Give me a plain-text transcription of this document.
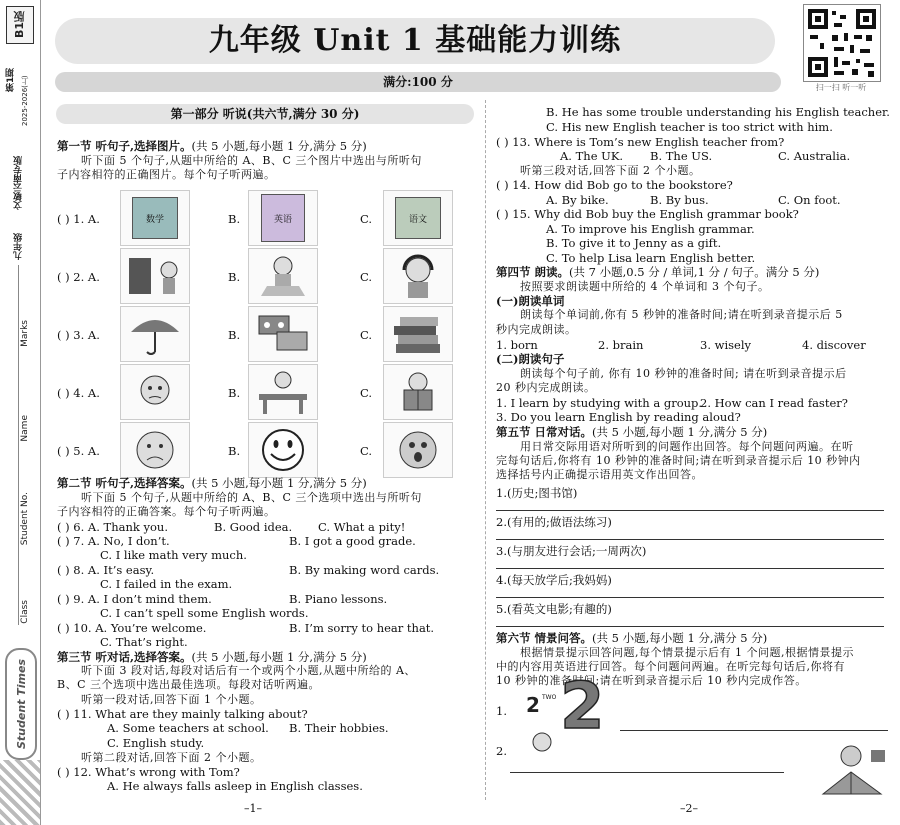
B1版
第1期 2025-2026(上)
文敏云南专版
九年级
Marks
Name
Student No.
Class
Student Times
九年级 Unit 1 基础能力训练
扫一扫 听一听
满分:100 分
第一部分 听说(共六节,满分 30 分)
第一节 听句子,选择图片。(共 5 小题,每小题 1 分,满分 5 分)
听下面 5 个句子,从题中所给的 A、B、C 三个图片中选出与所听句
子内容相符的正确图片。每个句子听两遍。
( ) 1. A.	数学	B.	英语	C.	语文
( ) 2. A.	B.	C.
( ) 3. A.	B.	C.
( ) 4. A.	B.	C.
( ) 5. A.	B.	C.
第二节 听句子,选择答案。(共 5 小题,每小题 1 分,满分 5 分)
听下面 5 个句子,从题中所给的 A、B、C 三个选项中选出与所听句
子内容相符的正确答案。每个句子听两遍。
( ) 6. A. Thank you.	B. Good idea. C. What a pity!
( ) 7. A. No, I don’t.	B. I got a good grade.
C. I like math very much.
( ) 8. A. It’s easy.	B. By making word cards.
C. I failed in the exam.
( ) 9. A. I don’t mind them.	B. Piano lessons.
C. I can’t spell some English words.
( ) 10. A. You’re welcome.	B. I’m sorry to hear that.
C. That’s right.
第三节 听对话,选择答案。(共 5 小题,每小题 1 分,满分 5 分)
听下面 3 段对话,每段对话后有一个或两个小题,从题中所给的 A、
B、C 三个选项中选出最佳选项。每段对话听两遍。
听第一段对话,回答下面 1 个小题。
( ) 11. What are they mainly talking about?
A. Some teachers at school. B. Their hobbies.
C. English study.
听第二段对话,回答下面 2 个小题。
( ) 12. What’s wrong with Tom?
A. He always falls asleep in English classes.
–1–
B. He has some trouble understanding his English teacher.
C. His new English teacher is too strict with him.
( ) 13. Where is Tom’s new English teacher from?
A. The UK. B. The US.	C. Australia.
听第三段对话,回答下面 2 个小题。
( ) 14. How did Bob go to the bookstore?
A. By bike.	B. By bus.	C. On foot.
( ) 15. Why did Bob buy the English grammar book?
A. To improve his English grammar.
B. To give it to Jenny as a gift.
C. To help Lisa learn English better.
第四节 朗读。(共 7 小题,0.5 分 / 单词,1 分 / 句子。满分 5 分)
按照要求朗读题中所给的 4 个单词和 3 个句子。
(一)朗读单词
朗读每个单词前,你有 5 秒钟的准备时间;请在听到录音提示后 5
秒内完成朗读。
1. born	2. brain	3. wisely	4. discover
(二)朗读句子
朗读每个句子前, 你有 10 秒钟的准备时间; 请在听到录音提示后
20 秒内完成朗读。
1. I learn by studying with a group.
2. How can I read faster?
3. Do you learn English by reading aloud?
第五节 日常对话。(共 5 小题,每小题 1 分,满分 5 分)
用日常交际用语对所听到的问题作出回答。每个问题问两遍。在听
完每句话后,你将有 10 秒钟的准备时间;请在听到录音提示后 10 秒钟内
选择括号内正确提示语用英文作出回答。
1.(历史;图书馆)
2.(有用的;做语法练习)
3.(与朋友进行会话;一周两次)
4.(每天放学后;我妈妈)
5.(看英文电影;有趣的)
第六节 情景问答。(共 5 小题,每小题 1 分,满分 5 分)
根据情景提示回答问题,每个情景提示后有 1 个问题,根据情景提示
中的内容用英语进行回答。每个问题问两遍。在听完每句话后,你将有
10 秒钟的准备时间;请在听到录音提示后 10 秒内完成作答。
1. 2 2
TWO
2.
–2–
